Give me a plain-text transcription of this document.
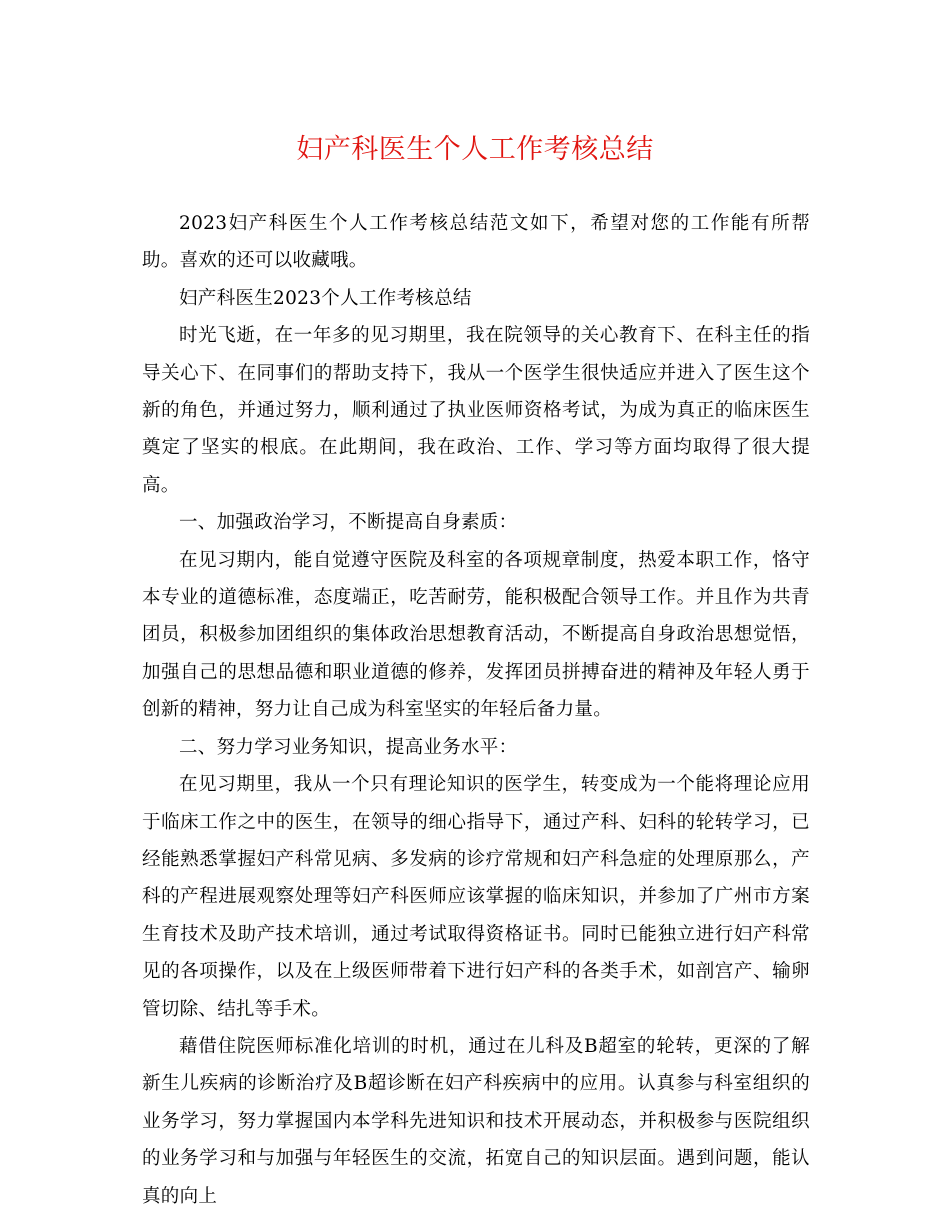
妇产科医生个人工作考核总结

2023妇产科医生个人工作考核总结范文如下，希望对您的工作能有所帮助。喜欢的还可以收藏哦。

妇产科医生2023个人工作考核总结

时光飞逝，在一年多的见习期里，我在院领导的关心教育下、在科主任的指导关心下、在同事们的帮助支持下，我从一个医学生很快适应并进入了医生这个新的角色，并通过努力，顺利通过了执业医师资格考试，为成为真正的临床医生奠定了坚实的根底。在此期间，我在政治、工作、学习等方面均取得了很大提高。

一、加强政治学习，不断提高自身素质：

在见习期内，能自觉遵守医院及科室的各项规章制度，热爱本职工作，恪守本专业的道德标准，态度端正，吃苦耐劳，能积极配合领导工作。并且作为共青团员，积极参加团组织的集体政治思想教育活动，不断提高自身政治思想觉悟，加强自己的思想品德和职业道德的修养，发挥团员拼搏奋进的精神及年轻人勇于创新的精神，努力让自己成为科室坚实的年轻后备力量。

二、努力学习业务知识，提高业务水平：

在见习期里，我从一个只有理论知识的医学生，转变成为一个能将理论应用于临床工作之中的医生，在领导的细心指导下，通过产科、妇科的轮转学习，已经能熟悉掌握妇产科常见病、多发病的诊疗常规和妇产科急症的处理原那么，产科的产程进展观察处理等妇产科医师应该掌握的临床知识，并参加了广州市方案生育技术及助产技术培训，通过考试取得资格证书。同时已能独立进行妇产科常见的各项操作，以及在上级医师带着下进行妇产科的各类手术，如剖宫产、输卵管切除、结扎等手术。

藉借住院医师标准化培训的时机，通过在儿科及B超室的轮转，更深的了解新生儿疾病的诊断治疗及B超诊断在妇产科疾病中的应用。认真参与科室组织的业务学习，努力掌握国内本学科先进知识和技术开展动态，并积极参与医院组织的业务学习和与加强与年轻医生的交流，拓宽自己的知识层面。遇到问题，能认真的向上
